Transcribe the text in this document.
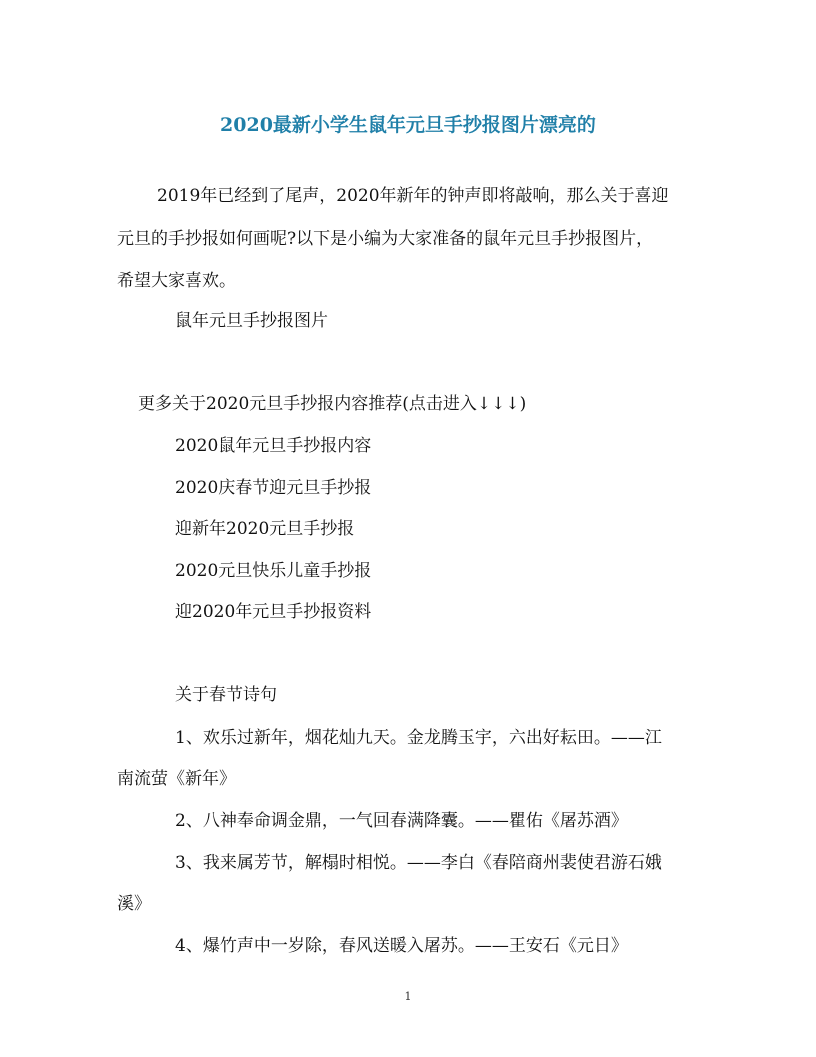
2020最新小学生鼠年元旦手抄报图片漂亮的
2019年已经到了尾声，2020年新年的钟声即将敲响，那么关于喜迎
元旦的手抄报如何画呢?以下是小编为大家准备的鼠年元旦手抄报图片，
希望大家喜欢。
鼠年元旦手抄报图片
更多关于2020元旦手抄报内容推荐(点击进入↓↓↓)
2020鼠年元旦手抄报内容
2020庆春节迎元旦手抄报
迎新年2020元旦手抄报
2020元旦快乐儿童手抄报
迎2020年元旦手抄报资料
关于春节诗句
1、欢乐过新年，烟花灿九天。金龙腾玉宇，六出好耘田。——江
南流萤《新年》
2、八神奉命调金鼎，一气回春满降囊。——瞿佑《屠苏酒》
3、我来属芳节，解榻时相悦。——李白《春陪商州裴使君游石娥
溪》
4、爆竹声中一岁除，春风送暖入屠苏。——王安石《元日》
1
